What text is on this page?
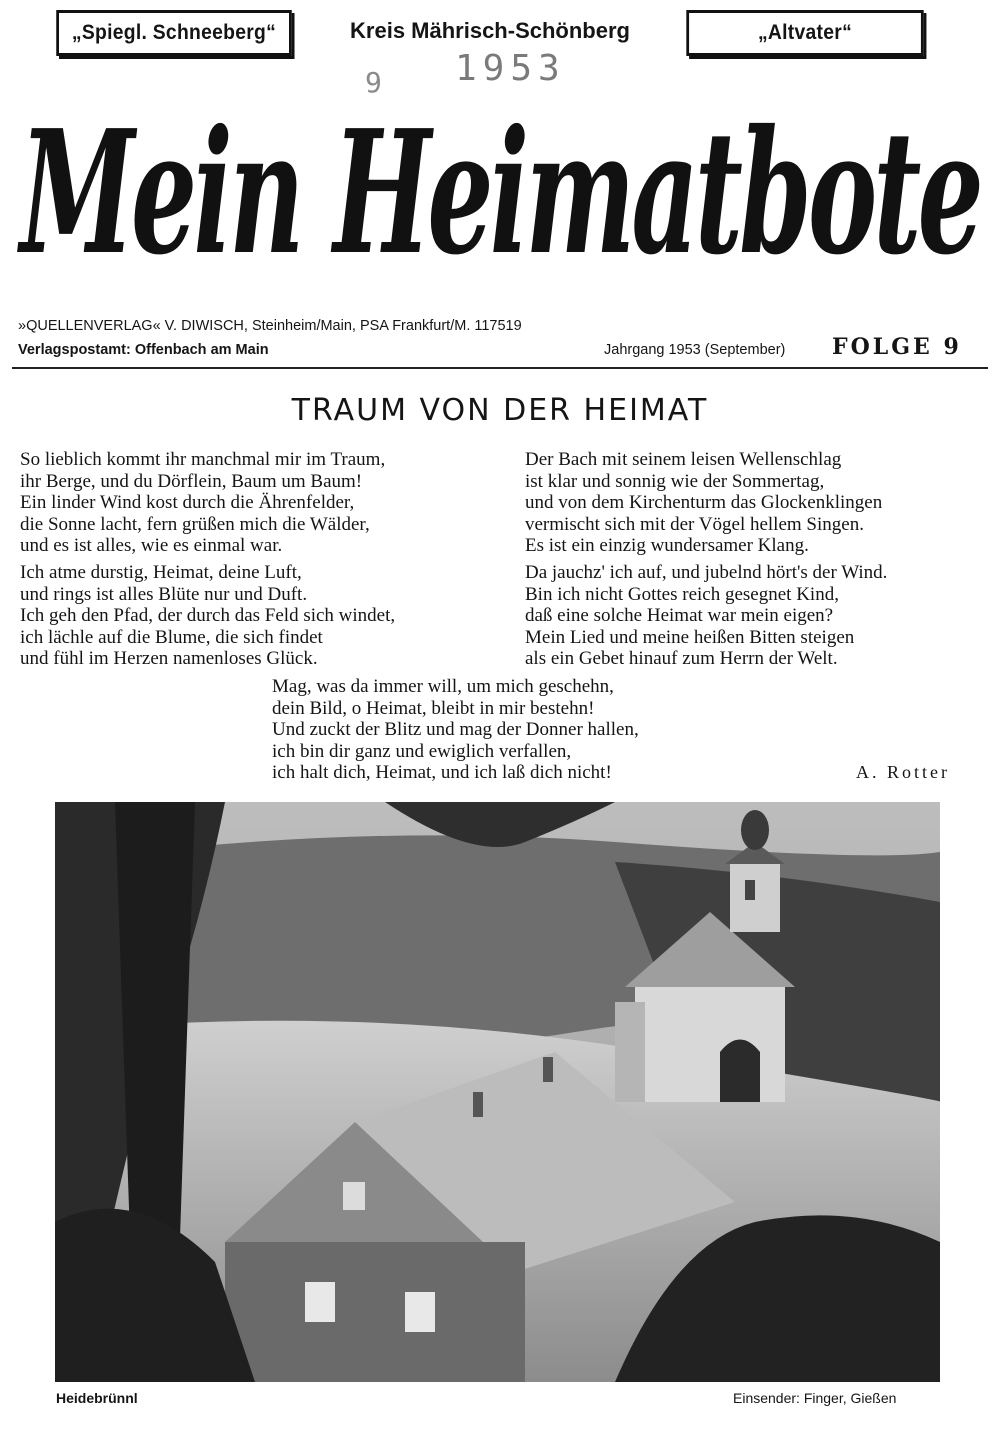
„Spiegl. Schneeberg“	Kreis Mährisch-Schönberg	„Altvater“
1953
9
Mein Heimatbote
»QUELLENVERLAG« V. DIWISCH, Steinheim/Main, PSA Frankfurt/M. 117519
Verlagspostamt: Offenbach am Main	Jahrgang 1953 (September) FOLGE 9
TRAUM VON DER HEIMAT
So lieblich kommt ihr manchmal mir im Traum,
ihr Berge, und du Dörflein, Baum um Baum!
Ein linder Wind kost durch die Ährenfelder,
die Sonne lacht, fern grüßen mich die Wälder,
und es ist alles, wie es einmal war.
Ich atme durstig, Heimat, deine Luft,
und rings ist alles Blüte nur und Duft.
Ich geh den Pfad, der durch das Feld sich windet,
ich lächle auf die Blume, die sich findet
und fühl im Herzen namenloses Glück.
Der Bach mit seinem leisen Wellenschlag
ist klar und sonnig wie der Sommertag,
und von dem Kirchenturm das Glockenklingen
vermischt sich mit der Vögel hellem Singen.
Es ist ein einzig wundersamer Klang.
Da jauchz' ich auf, und jubelnd hört's der Wind.
Bin ich nicht Gottes reich gesegnet Kind,
daß eine solche Heimat war mein eigen?
Mein Lied und meine heißen Bitten steigen
als ein Gebet hinauf zum Herrn der Welt.
Mag, was da immer will, um mich geschehn,
dein Bild, o Heimat, bleibt in mir bestehn!
Und zuckt der Blitz und mag der Donner hallen,
ich bin dir ganz und ewiglich verfallen,
ich halt dich, Heimat, und ich laß dich nicht!	A. Rotter
Heidebrünnl	Einsender: Finger, Gießen
